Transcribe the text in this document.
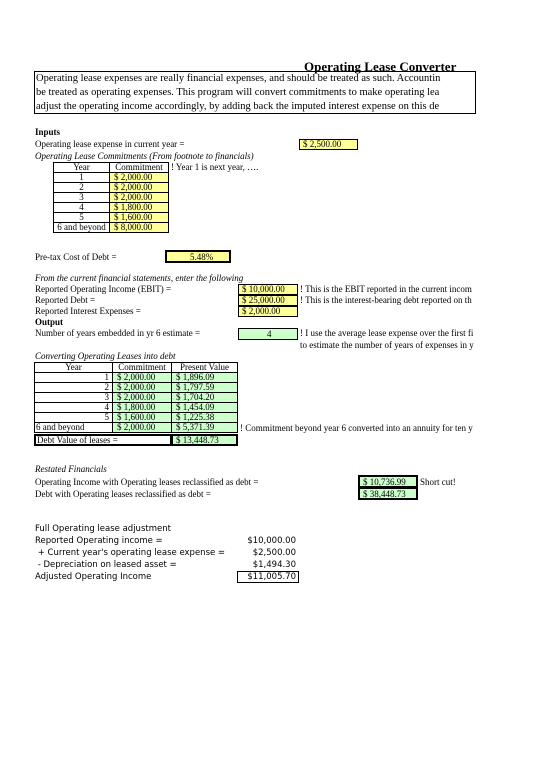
Operating Lease Converter
Operating lease expenses are really financial expenses, and should be treated as such. Accountin
be treated as operating expenses. This program will convert commitments to make operating lea
adjust the operating income accordingly, by adding back the imputed interest expense on this de
Inputs
Operating lease expense in current year =	$ 2,500.00
Operating Lease Commitments (From footnote to financials)
Year	Commitment
1	$ 2,000.00
2	$ 2,000.00
3	$ 2,000.00
4	$ 1,800.00
5	$ 1,600.00
6 and beyond $ 8,000.00
! Year 1 is next year, ….
Pre-tax Cost of Debt =	5.48%
From the current financial statements, enter the following
Reported Operating Income (EBIT) =	$ 10,000.00 ! This is the EBIT reported in the current incom
Reported Debt =	$ 25,000.00 ! This is the interest-bearing debt reported on th
Reported Interest Expenses =	$ 2,000.00
Output
Number of years embedded in yr 6 estimate =	4	! I use the average lease expense over the first fi
to estimate the number of years of expenses in y
Converting Operating Leases into debt
Year	Commitment	Present Value
1 $ 2,000.00 $ 1,896.09
2 $ 2,000.00 $ 1,797.59
3 $ 2,000.00 $ 1,704.20
4 $ 1,800.00 $ 1,454.09
5 $ 1,600.00 $ 1,225.38
6 and beyond	$ 2,000.00 $ 5,371.39
Debt Value of leases =	$ 13,448.73
! Commitment beyond year 6 converted into an annuity for ten y
Restated Financials
Operating Income with Operating leases reclassified as debt =	$ 10,736.99 Short cut!
Debt with Operating leases reclassified as debt =	$ 38,448.73
Full Operating lease adjustment
Reported Operating income =	$10,000.00
+ Current year's operating lease expense =	$2,500.00
- Depreciation on leased asset =	$1,494.30
Adjusted Operating Income	$11,005.70
